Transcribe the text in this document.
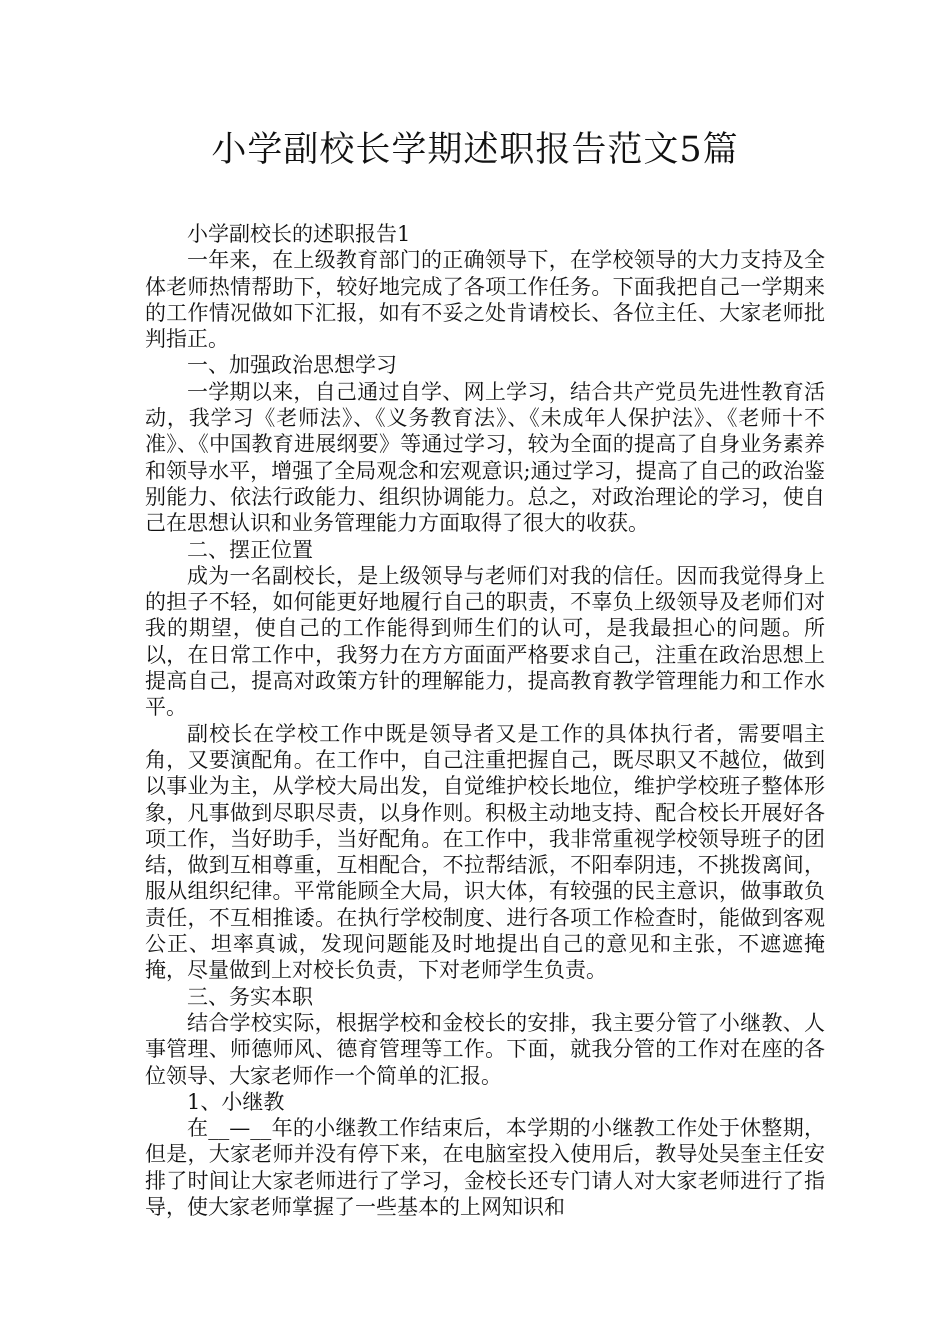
小学副校长学期述职报告范文5篇

小学副校长的述职报告1

一年来，在上级教育部门的正确领导下，在学校领导的大力支持及全体老师热情帮助下，较好地完成了各项工作任务。下面我把自己一学期来的工作情况做如下汇报，如有不妥之处肯请校长、各位主任、大家老师批判指正。

一、加强政治思想学习

一学期以来，自己通过自学、网上学习，结合共产党员先进性教育活动，我学习《老师法》、《义务教育法》、《未成年人保护法》、《老师十不准》、《中国教育进展纲要》等通过学习，较为全面的提高了自身业务素养和领导水平，增强了全局观念和宏观意识;通过学习，提高了自己的政治鉴别能力、依法行政能力、组织协调能力。总之，对政治理论的学习，使自己在思想认识和业务管理能力方面取得了很大的收获。

二、摆正位置

成为一名副校长，是上级领导与老师们对我的信任。因而我觉得身上的担子不轻，如何能更好地履行自己的职责，不辜负上级领导及老师们对我的期望，使自己的工作能得到师生们的认可，是我最担心的问题。所以，在日常工作中，我努力在方方面面严格要求自己，注重在政治思想上提高自己，提高对政策方针的理解能力，提高教育教学管理能力和工作水平。

副校长在学校工作中既是领导者又是工作的具体执行者，需要唱主角，又要演配角。在工作中，自己注重把握自己，既尽职又不越位，做到以事业为主，从学校大局出发，自觉维护校长地位，维护学校班子整体形象，凡事做到尽职尽责，以身作则。积极主动地支持、配合校长开展好各项工作，当好助手，当好配角。在工作中，我非常重视学校领导班子的团结，做到互相尊重，互相配合，不拉帮结派，不阳奉阴违，不挑拨离间，服从组织纪律。平常能顾全大局，识大体，有较强的民主意识，做事敢负责任，不互相推诿。在执行学校制度、进行各项工作检查时，能做到客观公正、坦率真诚，发现问题能及时地提出自己的意见和主张，不遮遮掩掩，尽量做到上对校长负责，下对老师学生负责。

三、务实本职

结合学校实际，根据学校和金校长的安排，我主要分管了小继教、人事管理、师德师风、德育管理等工作。下面，就我分管的工作对在座的各位领导、大家老师作一个简单的汇报。

1、小继教

在__—__年的小继教工作结束后，本学期的小继教工作处于休整期，但是，大家老师并没有停下来，在电脑室投入使用后，教导处吴奎主任安排了时间让大家老师进行了学习，金校长还专门请人对大家老师进行了指导，使大家老师掌握了一些基本的上网知识和
